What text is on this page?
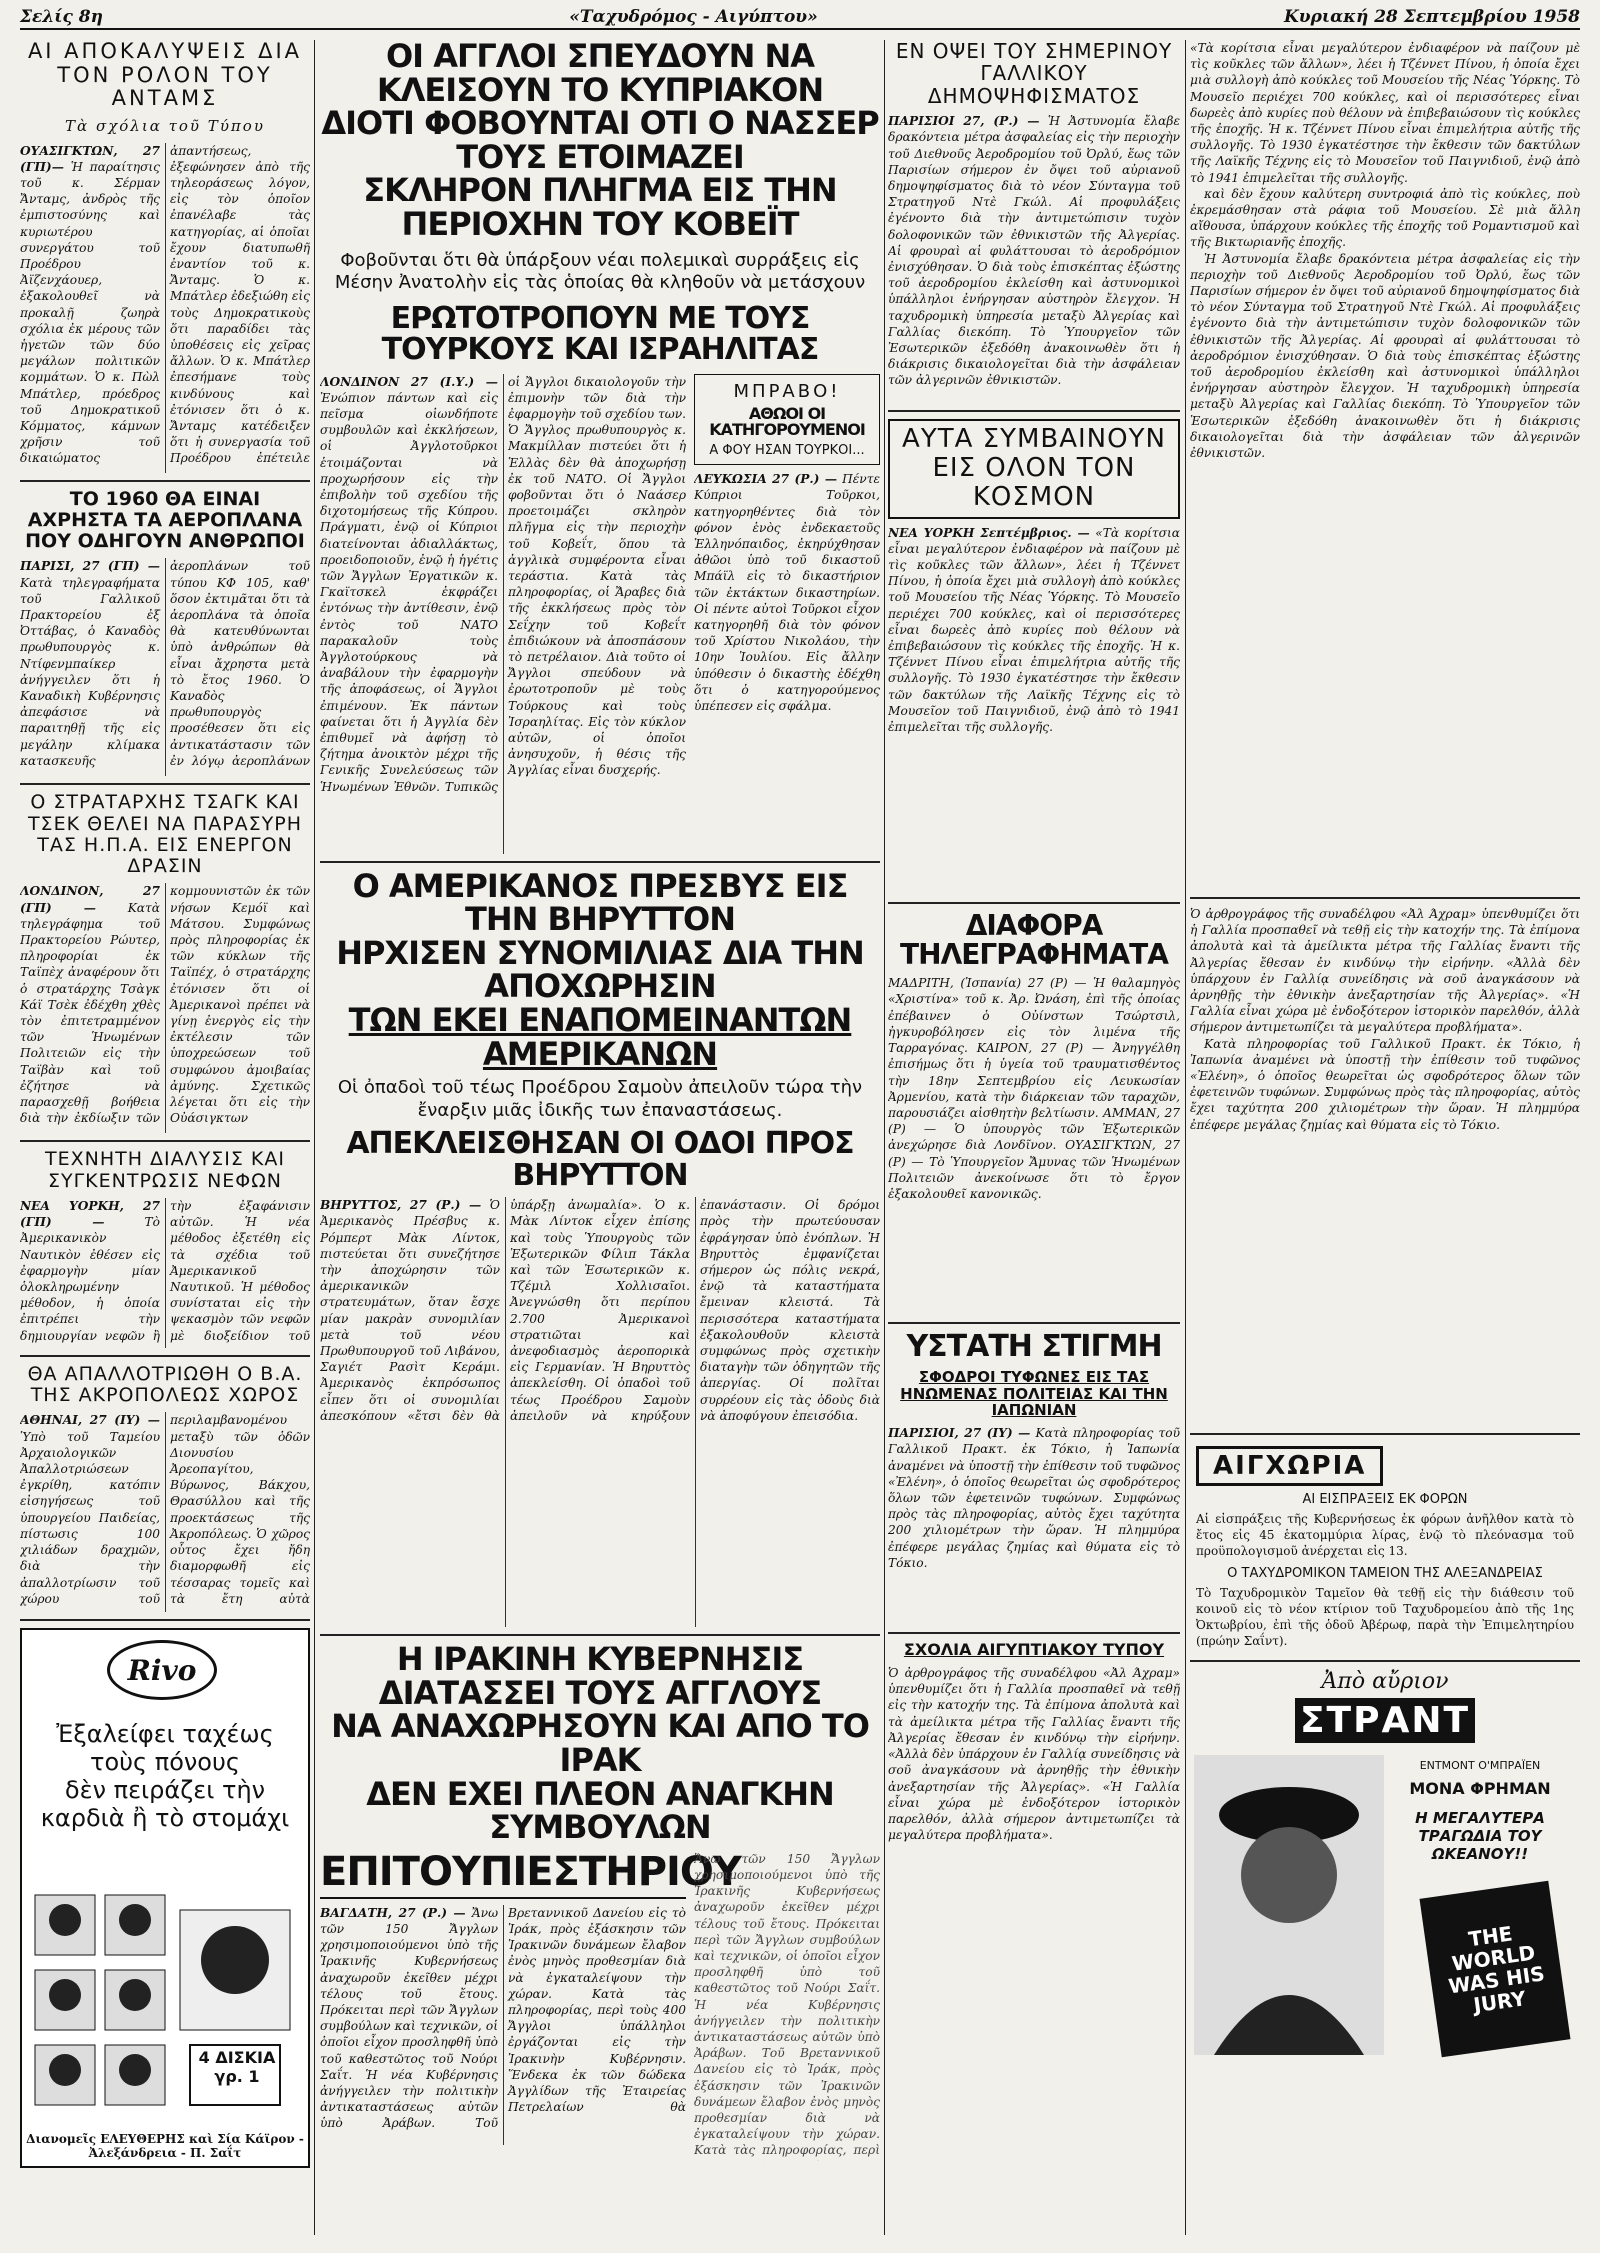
Σελίς 8η	«Ταχυδρόμος - Αιγύπτου»	Κυριακή 28 Σεπτεμβρίου 1958
ΑΙ ΑΠΟΚΑΛΥΨΕΙΣ ΔΙΑ ΤΟΝ ΡΟΛΟΝ ΤΟΥ ΑΝΤΑΜΣ
Τὰ σχόλια τοῦ Τύπου

ΟΥΑΣΙΓΚΤΩΝ, 27 (ΓΠ)— Ἡ παραίτησις τοῦ κ. Σέρμαν Ἄνταμς, ἀνδρὸς τῆς ἐμπιστοσύνης καὶ κυριωτέρου συνεργάτου τοῦ Προέδρου Ἀϊζενχάουερ, ἐξακολουθεῖ νὰ προκαλῇ ζωηρὰ σχόλια ἐκ μέρους τῶν ἡγετῶν τῶν δύο μεγάλων πολιτικῶν κομμάτων. Ὁ κ. Πὼλ Μπάτλερ, πρόεδρος τοῦ Δημοκρατικοῦ Κόμματος, κάμνων χρῆσιν τοῦ δικαιώματος ἀπαντήσεως, ἐξεφώνησεν ἀπὸ τῆς τηλεοράσεως λόγον, εἰς τὸν ὁποῖον ἐπανέλαβε τὰς κατηγορίας, αἱ ὁποῖαι ἔχουν διατυπωθῆ ἐναντίον τοῦ κ. Ἄνταμς. Ὁ κ. Μπάτλερ ἐδεξιώθη εἰς τοὺς Δημοκρατικοὺς ὅτι παραδίδει τὰς ὑποθέσεις εἰς χεῖρας ἄλλων. Ὁ κ. Μπάτλερ ἐπεσήμανε τοὺς κινδύνους καὶ ἐτόνισεν ὅτι ὁ κ. Ἄνταμς κατέδειξεν ὅτι ἡ συνεργασία τοῦ Προέδρου ἐπέτειλε

ΤΟ 1960 ΘΑ ΕΙΝΑΙ ΑΧΡΗΣΤΑ ΤΑ ΑΕΡΟΠΛΑΝΑ ΠΟΥ ΟΔΗΓΟΥΝ ΑΝΘΡΩΠΟΙ

ΠΑΡΙΣΙ, 27 (ΓΠ) — Κατὰ τηλεγραφήματα τοῦ Γαλλικοῦ Πρακτορείου ἐξ Ὀττάβας, ὁ Καναδὸς πρωθυπουργὸς κ. Ντίφενμπαίκερ ἀνήγγειλεν ὅτι ἡ Καναδικὴ Κυβέρνησις ἀπεφάσισε νὰ παραιτηθῇ τῆς εἰς μεγάλην κλίμακα κατασκευῆς ἀεροπλάνων τοῦ τύπου ΚΦ 105, καθ' ὅσον ἐκτιμᾶται ὅτι τὰ ἀεροπλάνα τὰ ὁποῖα θὰ κατευθύνωνται ὑπὸ ἀνθρώπων θὰ εἶναι ἄχρηστα μετὰ τὸ ἔτος 1960. Ὁ Καναδὸς πρωθυπουργὸς προσέθεσεν ὅτι εἰς ἀντικατάστασιν τῶν ἐν λόγῳ ἀεροπλάνων

Ο ΣΤΡΑΤΑΡΧΗΣ ΤΣΑΓΚ ΚΑΙ ΤΣΕΚ ΘΕΛΕΙ ΝΑ ΠΑΡΑΣΥΡΗ ΤΑΣ Η.Π.Α. ΕΙΣ ΕΝΕΡΓΟΝ ΔΡΑΣΙΝ

ΛΟΝΔΙΝΟΝ, 27 (ΓΠ) —	Κατὰ τηλεγράφημα τοῦ Πρακτορείου Ρώυτερ, πληροφορίαι ἐκ Ταϊπὲχ ἀναφέρουν ὅτι ὁ στρατάρχης Τσὰγκ Κάϊ Τσὲκ ἐδέχθη χθὲς τὸν ἐπιτετραμμένον τῶν Ἡνωμένων Πολιτειῶν εἰς τὴν Ταϊβὰν καὶ τοῦ ἐζήτησε νὰ παρασχεθῇ βοήθεια διὰ τὴν ἐκδίωξιν τῶν κομμουνιστῶν ἐκ τῶν νήσων Κεμόϊ καὶ Μάτσου. Συμφώνως πρὸς πληροφορίας ἐκ τῶν κύκλων τῆς Ταϊπέχ, ὁ στρατάρχης ἐτόνισεν ὅτι οἱ Ἀμερικανοὶ πρέπει νὰ γίνῃ ἐνεργὸς εἰς τὴν ἐκτέλεσιν τῶν ὑποχρεώσεων τοῦ συμφώνου ἀμοιβαίας ἀμύνης. Σχετικῶς λέγεται ὅτι εἰς τὴν Οὐάσιγκτων

ΤΕΧΝΗΤΗ ΔΙΑΛΥΣΙΣ ΚΑΙ ΣΥΓΚΕΝΤΡΩΣΙΣ ΝΕΦΩΝ

ΝΕΑ ΥΟΡΚΗ, 27 (ΓΠ) —	Τὸ Ἀμερικανικὸν Ναυτικὸν ἐθέσεν εἰς ἐφαρμογὴν μίαν ὁλοκληρωμένην μέθοδον, ἡ ὁποία ἐπιτρέπει τὴν δημιουργίαν νεφῶν ἢ τὴν ἐξαφάνισιν αὐτῶν. Ἡ νέα μέθοδος ἐξετέθη εἰς τὰ σχέδια τοῦ Ἀμερικανικοῦ Ναυτικοῦ. Ἡ μέθοδος συνίσταται εἰς τὴν ψεκασμὸν τῶν νεφῶν μὲ διοξείδιον τοῦ

ΘΑ ΑΠΑΛΛΟΤΡΙΩΘΗ Ο Β.Α. ΤΗΣ ΑΚΡΟΠΟΛΕΩΣ ΧΩΡΟΣ

ΑΘΗΝΑΙ, 27 (ΙΥ) — Ὑπὸ τοῦ Ταμείου Ἀρχαιολογικῶν Ἀπαλλοτριώσεων ἐγκρίθη, κατόπιν εἰσηγήσεως τοῦ ὑπουργείου Παιδείας, πίστωσις 100 χιλιάδων δραχμῶν, διὰ τὴν ἀπαλλοτρίωσιν τοῦ χώρου τοῦ περιλαμβανομένου μεταξὺ τῶν ὁδῶν Διονυσίου Ἀρεοπαγίτου, Βύρωνος, Βάκχου, Θρασύλλου καὶ τῆς προεκτάσεως τῆς Ἀκροπόλεως. Ὁ χῶρος οὗτος ἔχει ἤδη διαμορφωθῆ εἰς τέσσαρας τομεῖς καὶ τὰ ἔτη αὐτὰ

Rivo
Ἐξαλείφει ταχέως
τοὺς πόνους
δὲν πειράζει τὴν
καρδιὰ ἢ τὸ στομάχι
4 ΔΙΣΚΙΑ γρ. 1
Διανομεῖς ΕΛΕΥΘΕΡΗΣ καὶ Σία Κάϊρον - Ἀλεξάνδρεια - Π. Σαΐτ
ΟΙ ΑΓΓΛΟΙ ΣΠΕΥΔΟΥΝ ΝΑ ΚΛΕΙΣΟΥΝ ΤΟ ΚΥΠΡΙΑΚΟΝ
ΔΙΟΤΙ ΦΟΒΟΥΝΤΑΙ ΟΤΙ Ο ΝΑΣΣΕΡ ΤΟΥΣ ΕΤΟΙΜΑΖΕΙ
ΣΚΛΗΡΟΝ ΠΛΗΓΜΑ ΕΙΣ ΤΗΝ ΠΕΡΙΟΧΗΝ ΤΟΥ ΚΟΒΕΪΤ
Φοβοῦνται ὅτι θὰ ὑπάρξουν νέαι πολεμικαὶ συρράξεις εἰς Μέσην Ἀνατολὴν εἰς τὰς ὁποίας θὰ κληθοῦν νὰ μετάσχουν
ΕΡΩΤΟΤΡΟΠΟΥΝ ΜΕ ΤΟΥΣ ΤΟΥΡΚΟΥΣ ΚΑΙ ΙΣΡΑΗΛΙΤΑΣ

ΛΟΝΔΙΝΟΝ 27 (Ι.Υ.) — Ἐνώπιον πάντων καὶ εἰς πεῖσμα οἱωνδήποτε συμβουλῶν καὶ ἐκκλήσεων, οἱ Ἀγγλοτοῦρκοι ἑτοιμάζονται νὰ προχωρήσουν εἰς τὴν ἐπιβολὴν τοῦ σχεδίου τῆς διχοτομήσεως τῆς Κύπρου. Πράγματι, ἐνῷ οἱ Κύπριοι διατείνονται ἀδιαλλάκτως, προειδοποιοῦν, ἐνῷ ἡ ἡγέτις τῶν Ἄγγλων Ἐργατικῶν κ. Γκαϊτσκελ ἐκφράζει ἐντόνως τὴν ἀντίθεσιν, ἐνῷ ἐντὸς τοῦ ΝΑΤΟ παρακαλοῦν τοὺς Ἀγγλοτούρκους νὰ ἀναβάλουν τὴν ἐφαρμογὴν τῆς ἀποφάσεως, οἱ Ἄγγλοι ἐπιμένουν. Ἐκ πάντων φαίνεται ὅτι ἡ Ἀγγλία δὲν ἐπιθυμεῖ νὰ ἀφήσῃ τὸ ζήτημα ἀνοικτὸν μέχρι τῆς Γενικῆς Συνελεύσεως τῶν Ἡνωμένων Ἐθνῶν. Τυπικῶς οἱ Ἄγγλοι δικαιολογοῦν τὴν ἐπιμονὴν τῶν διὰ τὴν ἐφαρμογὴν τοῦ σχεδίου των. Ὁ Ἄγγλος πρωθυπουργὸς κ. Μακμίλλαν πιστεύει ὅτι ἡ Ἑλλὰς δὲν θὰ ἀποχωρήσῃ ἐκ τοῦ ΝΑΤΟ. Οἱ Ἄγγλοι φοβοῦνται ὅτι ὁ Ναάσερ προετοιμάζει σκληρὸν πλῆγμα εἰς τὴν περιοχὴν τοῦ Κοβεΐτ, ὅπου τὰ ἀγγλικὰ συμφέροντα εἶναι τεράστια. Κατὰ τὰς πληροφορίας, οἱ Ἄραβες διὰ τῆς ἐκκλήσεως πρὸς τὸν Σεΐχην τοῦ Κοβεΐτ ἐπιδιώκουν νὰ ἀποσπάσουν τὸ πετρέλαιον. Διὰ τοῦτο οἱ Ἄγγλοι σπεύδουν νὰ ἐρωτοτροποῦν μὲ τοὺς Τούρκους καὶ τοὺς Ἰσραηλίτας. Εἰς τὸν κύκλον αὐτῶν, οἱ ὁποῖοι ἀνησυχοῦν, ἡ θέσις τῆς Ἀγγλίας εἶναι δυσχερής.

ΜΠΡΑΒΟ!
ΑΘΩΟΙ ΟΙ ΚΑΤΗΓΟΡΟΥΜΕΝΟΙ
Α ΦΟΥ ΗΣΑΝ ΤΟΥΡΚΟΙ...

ΛΕΥΚΩΣΙΑ 27 (Ρ.) — Πέντε Κύπριοι Τοῦρκοι, κατηγορηθέντες διὰ τὸν φόνον ἑνὸς ἐνδεκαετοῦς Ἑλληνόπαιδος, ἐκηρύχθησαν ἀθῶοι ὑπὸ τοῦ δικαστοῦ Μπάϊλ εἰς τὸ δικαστήριον τῶν ἐκτάκτων δικαστηρίων. Οἱ πέντε αὐτοὶ Τοῦρκοι εἶχον κατηγορηθῆ διὰ τὸν φόνον τοῦ Χρίστου Νικολάου, τὴν 10ην Ἰουλίου. Εἰς ἄλλην ὑπόθεσιν ὁ δικαστὴς ἐδέχθη ὅτι ὁ κατηγορούμενος ὑπέπεσεν εἰς σφάλμα.

Ο ΑΜΕΡΙΚΑΝΟΣ ΠΡΕΣΒΥΣ ΕΙΣ ΤΗΝ ΒΗΡΥΤΤΟΝ
ΗΡΧΙΣΕΝ ΣΥΝΟΜΙΛΙΑΣ ΔΙΑ ΤΗΝ ΑΠΟΧΩΡΗΣΙΝ
ΤΩΝ ΕΚΕΙ ΕΝΑΠΟΜΕΙΝΑΝΤΩΝ ΑΜΕΡΙΚΑΝΩΝ
Οἱ ὀπαδοὶ τοῦ τέως Προέδρου Σαμοὺν ἀπειλοῦν τώρα τὴν ἔναρξιν μιᾶς ἰδικῆς των ἐπαναστάσεως.
ΑΠΕΚΛΕΙΣΘΗΣΑΝ ΟΙ ΟΔΟΙ ΠΡΟΣ ΒΗΡΥΤΤΟΝ

ΒΗΡΥΤΤΟΣ, 27 (Ρ.) — Ὁ Ἀμερικανὸς Πρέσβυς κ. Ρόμπερτ Μὰκ Λίντοκ, πιστεύεται ὅτι συνεζήτησε τὴν ἀποχώρησιν τῶν ἀμερικανικῶν στρατευμάτων, ὅταν ἔσχε μίαν μακρὰν συνομιλίαν μετὰ τοῦ νέου Πρωθυπουργοῦ τοῦ Λιβάνου, Σαγιέτ Ρασὶτ Κεράμι. Ἀμερικανὸς ἐκπρόσωπος εἶπεν ὅτι οἱ συνομιλίαι ἀπεσκόπουν «ἔτσι δὲν θὰ ὑπάρξῃ ἀνωμαλία». Ὁ κ. Μὰκ Λίντοκ εἶχεν ἐπίσης καὶ τοὺς Ὑπουργοὺς τῶν Ἐξωτερικῶν Φίλιπ Τάκλα καὶ τῶν Ἐσωτερικῶν κ. Τζέμιλ Χολλισαῖοι. Ἀνεγνώσθη ὅτι περίπου 2.700 Ἀμερικανοὶ στρατιῶται καὶ ἀνεφοδιασμὸς ἀεροπορικὰ εἰς Γερμανίαν. Ἡ Βηρυττὸς ἀπεκλείσθη. Οἱ ὀπαδοὶ τοῦ τέως Προέδρου Σαμοὺν ἀπειλοῦν νὰ κηρύξουν ἐπανάστασιν. Οἱ δρόμοι πρὸς τὴν πρωτεύουσαν ἐφράγησαν ὑπὸ ἐνόπλων. Ἡ Βηρυττὸς ἐμφανίζεται σήμερον ὡς πόλις νεκρά, ἐνῷ τὰ καταστήματα ἔμειναν κλειστά. Τὰ περισσότερα καταστήματα ἐξακολουθοῦν κλειστὰ συμφώνως πρὸς σχετικὴν διαταγὴν τῶν ὁδηγητῶν τῆς ἀπεργίας. Οἱ πολῖται συρρέουν εἰς τὰς ὁδοὺς διὰ νὰ ἀποφύγουν ἐπεισόδια.

Η ΙΡΑΚΙΝΗ ΚΥΒΕΡΝΗΣΙΣ ΔΙΑΤΑΣΣΕΙ ΤΟΥΣ ΑΓΓΛΟΥΣ
ΝΑ ΑΝΑΧΩΡΗΣΟΥΝ ΚΑΙ ΑΠΟ ΤΟ ΙΡΑΚ
ΔΕΝ ΕΧΕΙ ΠΛΕΟΝ ΑΝΑΓΚΗΝ ΣΥΜΒΟΥΛΩΝ
ΕΠΙΤΟΥΠΙΕΣΤΗΡΙΟΥ

ΒΑΓΔΑΤΗ, 27 (Ρ.) — Ἄνω τῶν 150 Ἄγγλων χρησιμοποιούμενοι ὑπὸ τῆς Ἰρακινῆς Κυβερνήσεως ἀναχωροῦν ἐκεῖθεν μέχρι τέλους τοῦ ἔτους. Πρόκειται περὶ τῶν Ἄγγλων συμβούλων καὶ τεχνικῶν, οἱ ὁποῖοι εἶχον προσληφθῆ ὑπὸ τοῦ καθεστῶτος τοῦ Νούρι Σαΐτ. Ἡ νέα Κυβέρνησις ἀνήγγειλεν τὴν πολιτικὴν ἀντικαταστάσεως αὐτῶν ὑπὸ Ἀράβων. Τοῦ Βρεταννικοῦ Δανείου εἰς τὸ Ἰράκ, πρὸς ἐξάσκησιν τῶν Ἰρακινῶν δυνάμεων ἔλαβον ἐνὸς μηνὸς προθεσμίαν διὰ νὰ ἐγκαταλείψουν τὴν χώραν. Κατὰ τὰς πληροφορίας, περὶ τοὺς 400 Ἄγγλοι ὑπάλληλοι ἐργάζονται εἰς τὴν Ἰρακινὴν Κυβέρνησιν. Ἕνδεκα ἐκ τῶν δώδεκα Ἀγγλίδων τῆς Ἐταιρείας Πετρελαίων θὰ

Ἄνω τῶν 150 Ἄγγλων χρησιμοποιούμενοι ὑπὸ τῆς Ἰρακινῆς Κυβερνήσεως ἀναχωροῦν ἐκεῖθεν μέχρι τέλους τοῦ ἔτους. Πρόκειται περὶ τῶν Ἄγγλων συμβούλων καὶ τεχνικῶν, οἱ ὁποῖοι εἶχον προσληφθῆ ὑπὸ τοῦ καθεστῶτος τοῦ Νούρι Σαΐτ. Ἡ νέα Κυβέρνησις ἀνήγγειλεν τὴν πολιτικὴν ἀντικαταστάσεως αὐτῶν ὑπὸ Ἀράβων. Τοῦ Βρεταννικοῦ Δανείου εἰς τὸ Ἰράκ, πρὸς ἐξάσκησιν τῶν Ἰρακινῶν δυνάμεων ἔλαβον ἐνὸς μηνὸς προθεσμίαν διὰ νὰ ἐγκαταλείψουν τὴν χώραν. Κατὰ τὰς πληροφορίας, περὶ

ΕΝ ΟΨΕΙ ΤΟΥ ΣΗΜΕΡΙΝΟΥ ΓΑΛΛΙΚΟΥ ΔΗΜΟΨΗΦΙΣΜΑΤΟΣ

ΠΑΡΙΣΙΟΙ 27, (Ρ.) — Ἡ Ἀστυνομία ἔλαβε δρακόντεια μέτρα ἀσφαλείας εἰς τὴν περιοχὴν τοῦ Διεθνοῦς Ἀεροδρομίου τοῦ Ὀρλύ, ἕως τῶν Παρισίων σήμερον ἐν ὄψει τοῦ αὐριανοῦ δημοψηφίσματος διὰ τὸ νέον Σύνταγμα τοῦ Στρατηγοῦ Ντὲ Γκώλ. Αἱ προφυλάξεις ἐγένοντο διὰ τὴν ἀντιμετώπισιν τυχὸν δολοφονικῶν τῶν ἐθνικιστῶν τῆς Ἀλγερίας. Αἱ φρουραὶ αἱ φυλάττουσαι τὸ ἀεροδρόμιον ἐνισχύθησαν. Ὁ διὰ τοὺς ἐπισκέπτας ἐξώστης τοῦ ἀεροδρομίου ἐκλείσθη καὶ ἀστυνομικοὶ ὑπάλληλοι ἐνήργησαν αὐστηρὸν ἔλεγχον. Ἡ ταχυδρομικὴ ὑπηρεσία μεταξὺ Ἀλγερίας καὶ Γαλλίας διεκόπη. Τὸ Ὑπουργεῖον τῶν Ἐσωτερικῶν ἐξεδόθη ἀνακοινωθὲν ὅτι ἡ διάκρισις δικαιολογεῖται διὰ τὴν ἀσφάλειαν τῶν ἀλγερινῶν ἐθνικιστῶν.

ΑΥΤΑ ΣΥΜΒΑΙΝΟΥΝ ΕΙΣ ΟΛΟΝ ΤΟΝ ΚΟΣΜΟΝ

ΝΕΑ ΥΟΡΚΗ Σεπτέμβριος. — «Τὰ κορίτσια εἶναι μεγαλύτερον ἐνδιαφέρον νὰ παίζουν μὲ τὶς κοῦκλες τῶν ἄλλων», λέει ἡ Τζέννετ Πίνου, ἡ ὁποία ἔχει μιὰ συλλογὴ ἀπὸ κούκλες τοῦ Μουσείου τῆς Νέας Ὑόρκης. Τὸ Μουσεῖο περιέχει 700 κούκλες, καὶ οἱ περισσότερες εἶναι δωρεὲς ἀπὸ κυρίες ποὺ θέλουν νὰ ἐπιβεβαιώσουν τὶς κούκλες τῆς ἐποχῆς. Ἡ κ. Τζέννετ Πίνου εἶναι ἐπιμελήτρια αὐτῆς τῆς συλλογῆς. Τὸ 1930 ἐγκατέστησε τὴν ἔκθεσιν τῶν δακτύλων τῆς Λαϊκῆς Τέχνης εἰς τὸ Μουσεῖον τοῦ Παιγνιδιοῦ, ἐνῷ ἀπὸ τὸ 1941 ἐπιμελεῖται τῆς συλλογῆς.

ΔΙΑΦΟΡΑ ΤΗΛΕΓΡΑΦΗΜΑΤΑ

ΜΑΔΡΙΤΗ, (Ἰσπανία) 27 (Ρ) — Ἡ θαλαμηγὸς «Χριστίνα» τοῦ κ. Ἀρ. Ὠνάση, ἐπὶ τῆς ὁποίας ἐπέβαινεν ὁ Οὐίνστων Τσώρτσιλ, ἠγκυροβόλησεν εἰς τὸν λιμένα τῆς Ταρραγόνας. ΚΑΙΡΟΝ, 27 (Ρ) — Ἀνηγγέλθη ἐπισήμως ὅτι ἡ ὑγεία τοῦ τραυματισθέντος τὴν 18ην Σεπτεμβρίου εἰς Λευκωσίαν Ἀρμενίου, κατὰ τὴν διάρκειαν τῶν ταραχῶν, παρουσιάζει αἰσθητὴν βελτίωσιν. ΑΜΜΑΝ, 27 (Ρ) — Ὁ ὑπουργὸς τῶν Ἐξωτερικῶν ἀνεχώρησε διὰ Λονδῖνον. ΟΥΑΣΙΓΚΤΩΝ, 27 (Ρ) — Τὸ Ὑπουργεῖον Ἄμυνας τῶν Ἡνωμένων Πολιτειῶν ἀνεκοίνωσε ὅτι τὸ ἔργον ἐξακολουθεῖ κανονικῶς.

ΥΣΤΑΤΗ ΣΤΙΓΜΗ
ΣΦΟΔΡΟΙ ΤΥΦΩΝΕΣ ΕΙΣ ΤΑΣ ΗΝΩΜΕΝΑΣ ΠΟΛΙΤΕΙΑΣ ΚΑΙ ΤΗΝ ΙΑΠΩΝΙΑΝ

ΠΑΡΙΣΙΟΙ, 27 (ΙΥ) — Κατὰ πληροφορίας τοῦ Γαλλικοῦ Πρακτ. ἐκ Τόκιο, ἡ Ἰαπωνία ἀναμένει νὰ ὑποστῇ τὴν ἐπίθεσιν τοῦ τυφῶνος «Ἐλένη», ὁ ὁποῖος θεωρεῖται ὡς σφοδρότερος ὅλων τῶν ἐφετεινῶν τυφώνων. Συμφώνως πρὸς τὰς πληροφορίας, αὐτὸς ἔχει ταχύτητα 200 χιλιομέτρων τὴν ὥραν. Ἡ πλημμύρα ἐπέφερε μεγάλας ζημίας καὶ θύματα εἰς τὸ Τόκιο.

ΣΧΟΛΙΑ ΑΙΓΥΠΤΙΑΚΟΥ ΤΥΠΟΥ

Ὁ ἀρθρογράφος τῆς συναδέλφου «Ἀλ Άχραμ» ὑπενθυμίζει ὅτι ἡ Γαλλία προσπαθεῖ νὰ τεθῇ εἰς τὴν κατοχήν της. Τὰ ἐπίμονα ἀπολυτὰ καὶ τὰ ἀμείλικτα μέτρα τῆς Γαλλίας ἔναντι τῆς Ἀλγερίας ἔθεσαν ἐν κινδύνῳ τὴν εἰρήνην. «Ἀλλὰ δὲν ὑπάρχουν ἐν Γαλλίᾳ συνείδησις νὰ σοῦ ἀναγκάσουν νὰ ἀρνηθῇς τὴν ἐθνικὴν ἀνεξαρτησίαν τῆς Ἀλγερίας». «Ἡ Γαλλία εἶναι χώρα μὲ ἐνδοξότερον ἱστορικὸν παρελθόν, ἀλλὰ σήμερον ἀντιμετωπίζει τὰ μεγαλύτερα προβλήματα».

«Τὰ κορίτσια εἶναι μεγαλύτερον ἐνδιαφέρον νὰ παίζουν μὲ τὶς κοῦκλες τῶν ἄλλων», λέει ἡ Τζέννετ Πίνου, ἡ ὁποία ἔχει μιὰ συλλογὴ ἀπὸ κούκλες τοῦ Μουσείου τῆς Νέας Ὑόρκης. Τὸ Μουσεῖο περιέχει 700 κούκλες, καὶ οἱ περισσότερες εἶναι δωρεὲς ἀπὸ κυρίες ποὺ θέλουν νὰ ἐπιβεβαιώσουν τὶς κούκλες τῆς ἐποχῆς. Ἡ κ. Τζέννετ Πίνου εἶναι ἐπιμελήτρια αὐτῆς τῆς συλλογῆς. Τὸ 1930 ἐγκατέστησε τὴν ἔκθεσιν τῶν δακτύλων τῆς Λαϊκῆς Τέχνης εἰς τὸ Μουσεῖον τοῦ Παιγνιδιοῦ, ἐνῷ ἀπὸ τὸ 1941 ἐπιμελεῖται τῆς συλλογῆς.

καὶ δὲν ἔχουν καλύτερη συντροφιά ἀπὸ τὶς κούκλες, ποὺ ἐκρεμάσθησαν στὰ ράφια τοῦ Μουσείου. Σὲ μιὰ ἄλλη αἴθουσα, ὑπάρχουν κούκλες τῆς ἐποχῆς τοῦ Ρομαντισμοῦ καὶ τῆς Βικτωριανῆς ἐποχῆς.

Ἡ Ἀστυνομία ἔλαβε δρακόντεια μέτρα ἀσφαλείας εἰς τὴν περιοχὴν τοῦ Διεθνοῦς Ἀεροδρομίου τοῦ Ὀρλύ, ἕως τῶν Παρισίων σήμερον ἐν ὄψει τοῦ αὐριανοῦ δημοψηφίσματος διὰ τὸ νέον Σύνταγμα τοῦ Στρατηγοῦ Ντὲ Γκώλ. Αἱ προφυλάξεις ἐγένοντο διὰ τὴν ἀντιμετώπισιν τυχὸν δολοφονικῶν τῶν ἐθνικιστῶν τῆς Ἀλγερίας. Αἱ φρουραὶ αἱ φυλάττουσαι τὸ ἀεροδρόμιον ἐνισχύθησαν. Ὁ διὰ τοὺς ἐπισκέπτας ἐξώστης τοῦ ἀεροδρομίου ἐκλείσθη καὶ ἀστυνομικοὶ ὑπάλληλοι ἐνήργησαν αὐστηρὸν ἔλεγχον. Ἡ ταχυδρομικὴ ὑπηρεσία μεταξὺ Ἀλγερίας καὶ Γαλλίας διεκόπη. Τὸ Ὑπουργεῖον τῶν Ἐσωτερικῶν ἐξεδόθη ἀνακοινωθὲν ὅτι ἡ διάκρισις δικαιολογεῖται διὰ τὴν ἀσφάλειαν τῶν ἀλγερινῶν ἐθνικιστῶν.

Ὁ ἀρθρογράφος τῆς συναδέλφου «Ἀλ Άχραμ» ὑπενθυμίζει ὅτι ἡ Γαλλία προσπαθεῖ νὰ τεθῇ εἰς τὴν κατοχήν της. Τὰ ἐπίμονα ἀπολυτὰ καὶ τὰ ἀμείλικτα μέτρα τῆς Γαλλίας ἔναντι τῆς Ἀλγερίας ἔθεσαν ἐν κινδύνῳ τὴν εἰρήνην. «Ἀλλὰ δὲν ὑπάρχουν ἐν Γαλλίᾳ συνείδησις νὰ σοῦ ἀναγκάσουν νὰ ἀρνηθῇς τὴν ἐθνικὴν ἀνεξαρτησίαν τῆς Ἀλγερίας». «Ἡ Γαλλία εἶναι χώρα μὲ ἐνδοξότερον ἱστορικὸν παρελθόν, ἀλλὰ σήμερον ἀντιμετωπίζει τὰ μεγαλύτερα προβλήματα».

Κατὰ πληροφορίας τοῦ Γαλλικοῦ Πρακτ. ἐκ Τόκιο, ἡ Ἰαπωνία ἀναμένει νὰ ὑποστῇ τὴν ἐπίθεσιν τοῦ τυφῶνος «Ἐλένη», ὁ ὁποῖος θεωρεῖται ὡς σφοδρότερος ὅλων τῶν ἐφετεινῶν τυφώνων. Συμφώνως πρὸς τὰς πληροφορίας, αὐτὸς ἔχει ταχύτητα 200 χιλιομέτρων τὴν ὥραν. Ἡ πλημμύρα ἐπέφερε μεγάλας ζημίας καὶ θύματα εἰς τὸ Τόκιο.

ΑΙΓΧΩΡΙΑ
ΑΙ ΕΙΣΠΡΑΞΕΙΣ ΕΚ ΦΟΡΩΝ
Αἱ εἰσπράξεις τῆς Κυβερνήσεως ἐκ φόρων ἀνῆλθον κατὰ τὸ ἔτος εἰς 45 ἑκατομμύρια λίρας, ἐνῷ τὸ πλεόνασμα τοῦ προϋπολογισμοῦ ἀνέρχεται εἰς 13.
Ο ΤΑΧΥΔΡΟΜΙΚΟΝ ΤΑΜΕΙΟΝ ΤΗΣ ΑΛΕΞΑΝΔΡΕΙΑΣ
Τὸ Ταχυδρομικὸν Ταμεῖον θὰ τεθῇ εἰς τὴν διάθεσιν τοῦ κοινοῦ εἰς τὸ νέον κτίριον τοῦ Ταχυδρομείου ἀπὸ τῆς 1ης Ὀκτωβρίου, ἐπὶ τῆς ὁδοῦ Ἀβέρωφ, παρὰ τὴν Ἐπιμελητηρίου (πρώην Σαΐντ).
Ἀπὸ αὔριον
ΣΤΡΑΝΤ
ΕΝΤΜΟΝΤ Ο'ΜΠΡΑΪΕΝ
ΜΟΝΑ ΦΡΗΜΑΝ
Η ΜΕΓΑΛΥΤΕΡΑ ΤΡΑΓΩΔΙΑ ΤΟΥ ΩΚΕΑΝΟΥ!!
THE WORLD WAS HIS JURY
